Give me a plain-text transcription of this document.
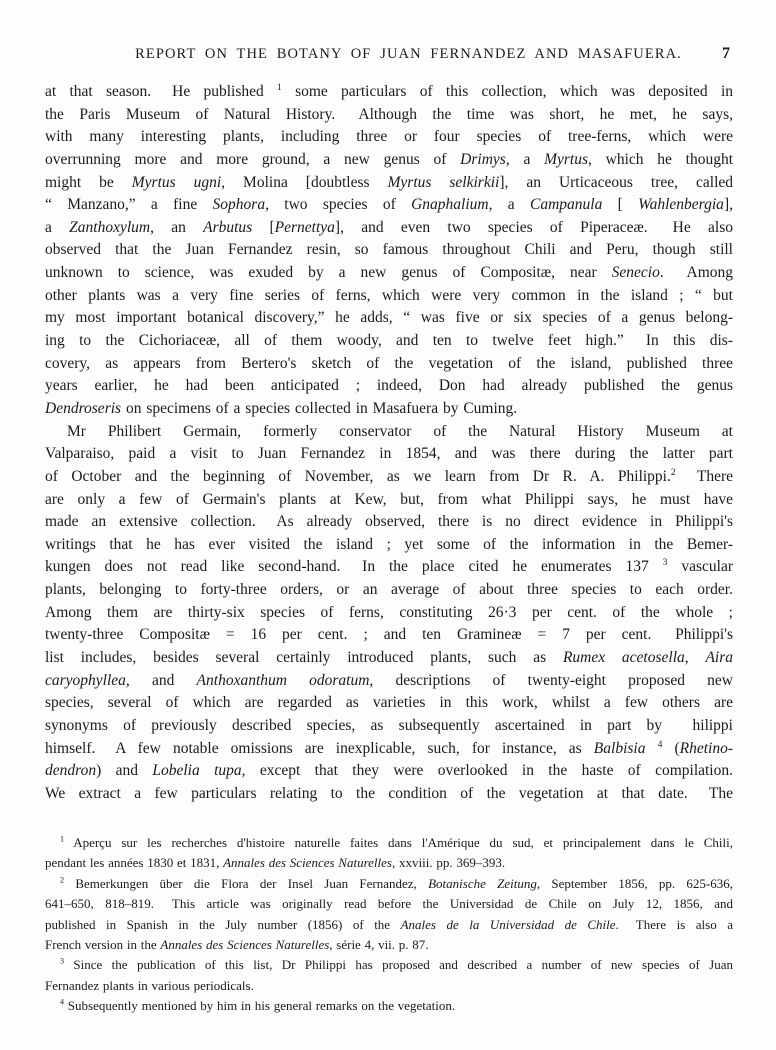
REPORT ON THE BOTANY OF JUAN FERNANDEZ AND MASAFUERA.	7
at that season.  He published $^1$ some particulars of this collection, which was deposited in
the Paris Museum of Natural History.  Although the time was short, he met, he says,
with many interesting plants, including three or four species of tree-ferns, which were
overrunning more and more ground, a new genus of Drimys, a Myrtus, which he thought
might be Myrtus ugni, Molina [doubtless Myrtus selkirkii], an Urticaceous tree, called
“ Manzano,” a fine Sophora, two species of Gnaphalium, a Campanula [ Wahlenbergia],
a Zanthoxylum, an Arbutus [Pernettya], and even two species of Piperaceæ.  He also
observed that the Juan Fernandez resin, so famous throughout Chili and Peru, though still
unknown to science, was exuded by a new genus of Compositæ, near Senecio.  Among
other plants was a very fine series of ferns, which were very common in the island ; “ but
my most important botanical discovery,” he adds, “ was five or six species of a genus belong-
ing to the Cichoriaceæ, all of them woody, and ten to twelve feet high.”  In this dis-
covery, as appears from Bertero's sketch of the vegetation of the island, published three
years earlier, he had been anticipated ; indeed, Don had already published the genus
Dendroseris on specimens of a species collected in Masafuera by Cuming.
Mr Philibert Germain, formerly conservator of the Natural History Museum at
Valparaiso, paid a visit to Juan Fernandez in 1854, and was there during the latter part
of October and the beginning of November, as we learn from Dr R. A. Philippi.$^2$  There
are only a few of Germain's plants at Kew, but, from what Philippi says, he must have
made an extensive collection.  As already observed, there is no direct evidence in Philippi's
writings that he has ever visited the island ; yet some of the information in the Bemer-
kungen does not read like second-hand.  In the place cited he enumerates 137 $^3$ vascular
plants, belonging to forty-three orders, or an average of about three species to each order.
Among them are thirty-six species of ferns, constituting 26·3 per cent. of the whole ;
twenty-three Compositæ = 16 per cent. ; and ten Gramineæ = 7 per cent.  Philippi's
list includes, besides several certainly introduced plants, such as Rumex acetosella, Aira
caryophyllea, and Anthoxanthum odoratum, descriptions of twenty-eight proposed new
species, several of which are regarded as varieties in this work, whilst a few others are
synonyms of previously described species, as subsequently ascertained in part by  hilippi
himself.  A few notable omissions are inexplicable, such, for instance, as Balbisia $^4$ (Rhetino-
dendron) and Lobelia tupa, except that they were overlooked in the haste of compilation.
We extract a few particulars relating to the condition of the vegetation at that date.  The
$^1$ Aperçu sur les recherches d'histoire naturelle faites dans l'Amérique du sud, et principalement dans le Chili,
pendant les années 1830 et 1831, Annales des Sciences Naturelles, xxviii. pp. 369–393.
$^2$ Bemerkungen über die Flora der Insel Juan Fernandez, Botanische Zeitung, September 1856, pp. 625-636,
641–650, 818–819.  This article was originally read before the Universidad de Chile on July 12, 1856, and
published in Spanish in the July number (1856) of the Anales de la Universidad de Chile.  There is also a
French version in the Annales des Sciences Naturelles, série 4, vii. p. 87.
$^3$ Since the publication of this list, Dr Philippi has proposed and described a number of new species of Juan
Fernandez plants in various periodicals.
$^4$ Subsequently mentioned by him in his general remarks on the vegetation.
